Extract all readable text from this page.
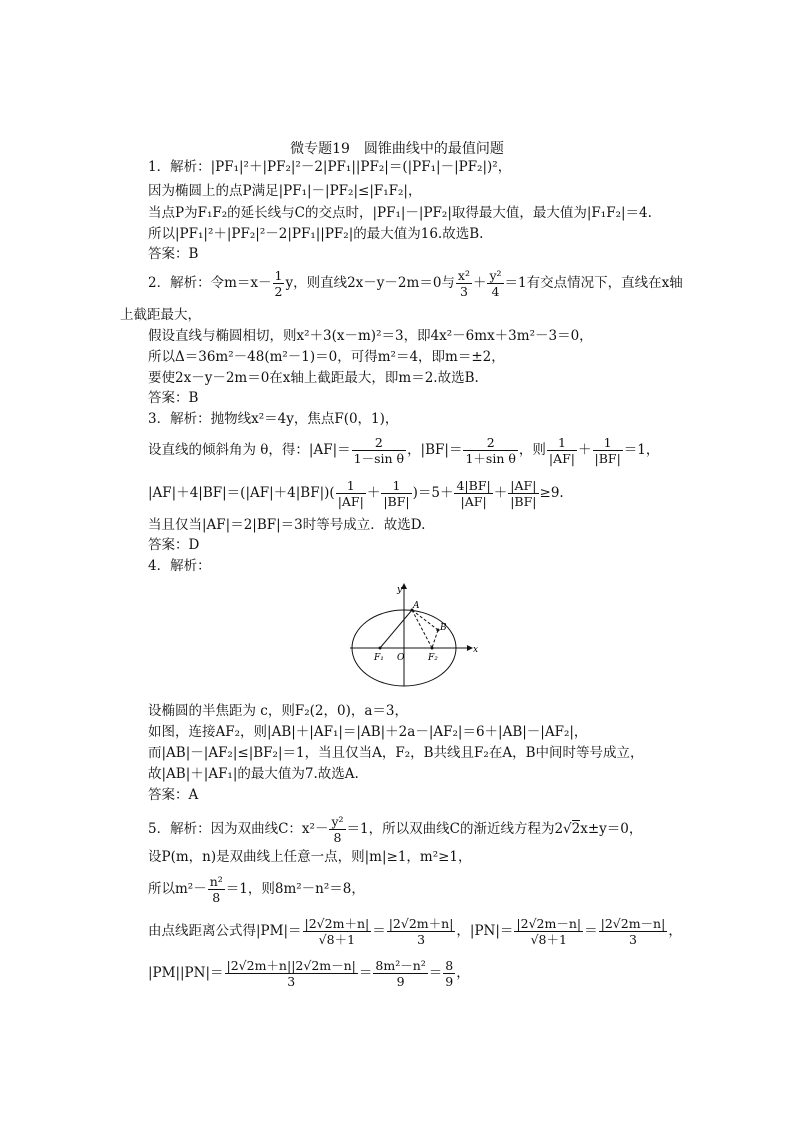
微专题19　圆锥曲线中的最值问题
1．解析：|PF₁|²＋|PF₂|²－2|PF₁||PF₂|＝(|PF₁|－|PF₂|)²，
因为椭圆上的点P满足|PF₁|－|PF₂|≤|F₁F₂|，
当点P为F₁F₂的延长线与C的交点时，|PF₁|－|PF₂|取得最大值，最大值为|F₁F₂|＝4.
所以|PF₁|²＋|PF₂|²－2|PF₁||PF₂|的最大值为16.故选B.
答案：B
2．解析：令$m=x- \frac{1}{2}$ y，则直线2x－y－2m＝0与 $\frac{\text{x²}}{3} + \frac{\text{y²}}{4} =1$有交点情况下，直线在x轴
上截距最大，
假设直线与椭圆相切，则x²＋3(x－m)²＝3，即4x²－6mx＋3m²－3＝0，
所以Δ＝36m²－48(m²－1)＝0，可得m²＝4，即m＝±2，
要使2x－y－2m＝0在x轴上截距最大，即m＝2.故选B.
答案：B
3．解析：抛物线x²＝4y，焦点F(0，1)，
设直线的倾斜角为 θ，得：$|AF|= \frac{2}{\text{1－sin θ}}$ ，$|BF|= \frac{2}{\text{1＋sin θ}}$ ，则 $\frac{1}{|AF|} + \frac{1}{|BF|} =1$，
$|AF|+4|BF|=(|AF|+4|BF|)( \frac{1}{|AF|} + \frac{1}{|BF|} )=5+ \frac{4|BF|}{|AF|} + \frac{|AF|}{|BF|} \ge 9$.
当且仅当|AF|＝2|BF|＝3时等号成立．故选D.
答案：D
4．解析：
y
x
A
B
F₁ O	F₂
设椭圆的半焦距为 c，则F₂(2，0)，a＝3，
如图，连接AF₂，则|AB|＋|AF₁|＝|AB|＋2a－|AF₂|＝6＋|AB|－|AF₂|，
而|AB|－|AF₂|≤|BF₂|＝1，当且仅当A，F₂，B共线且F₂在A，B中间时等号成立，
故|AB|＋|AF₁|的最大值为7.故选A.
答案：A
5．解析：因为双曲线C：$x^2- \frac{\text{y²}}{8} =1$，所以双曲线C的渐近线方程为2√2x±y＝0，
设P(m，n)是双曲线上任意一点，则|m|≥1，m²≥1，
所以$m^2- \frac{\text{n²}}{8} =1$，则8m²－n²＝8，
由点线距离公式得$|PM|= \frac{|2√2m+n|}{√8+1} = \frac{|2√2m+n|}{3}$ ，$|PN|= \frac{|2√2m-n|}{√8+1} = \frac{|2√2m-n|}{3}$ ，
$|PM||PN|= \frac{|2√2m+n||2√2m-n|}{3} = \frac{\text{8m²－n²}}{9} = \frac{8}{9}$ ，
